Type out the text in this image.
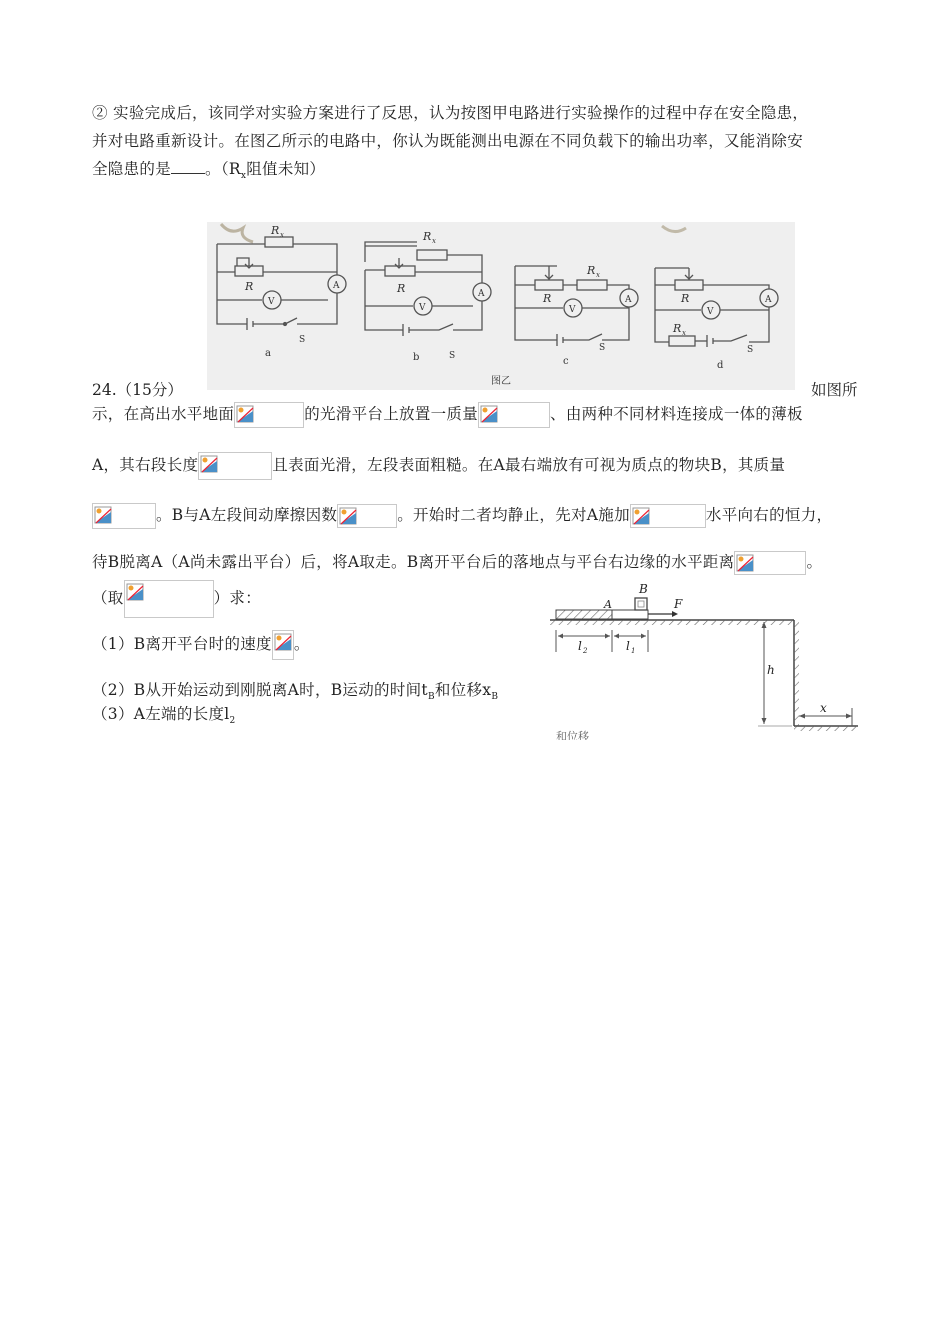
② 实验完成后，该同学对实验方案进行了反思，认为按图甲电路进行实验操作的过程中存在安全隐患，
并对电路重新设计。在图乙所示的电路中，你认为既能测出电源在不同负载下的输出功率，又能消除安
全隐患的是 。（$R_x$阻值未知）
R x
R
V
A
S
a
R x
R
V
A
S
b
R x
R
V
A
S
c
R
V
A
R x
S
d
图乙
24.（15分）	如图所
示，在高出水平地面	的光滑平台上放置一质量	、由两种不同材料连接成一体的薄板
A，其右段长度	且表面光滑，左段表面粗糙。在A最右端放有可视为质点的物块B，其质量
。B与A左段间动摩擦因数	。开始时二者均静止，先对A施加	水平向右的恒力，
待B脱离A（A尚未露出平台）后，将A取走。B离开平台后的落地点与平台右边缘的水平距离	。
（取	）求：
（1）B离开平台时的速度 。
（2）B从开始运动到刚脱离A时，B运动的时间$t_B$和位移$x_B$
（3）A左端的长度$l_2$
B
A	F
l 2	l 1
h
x
和位移
